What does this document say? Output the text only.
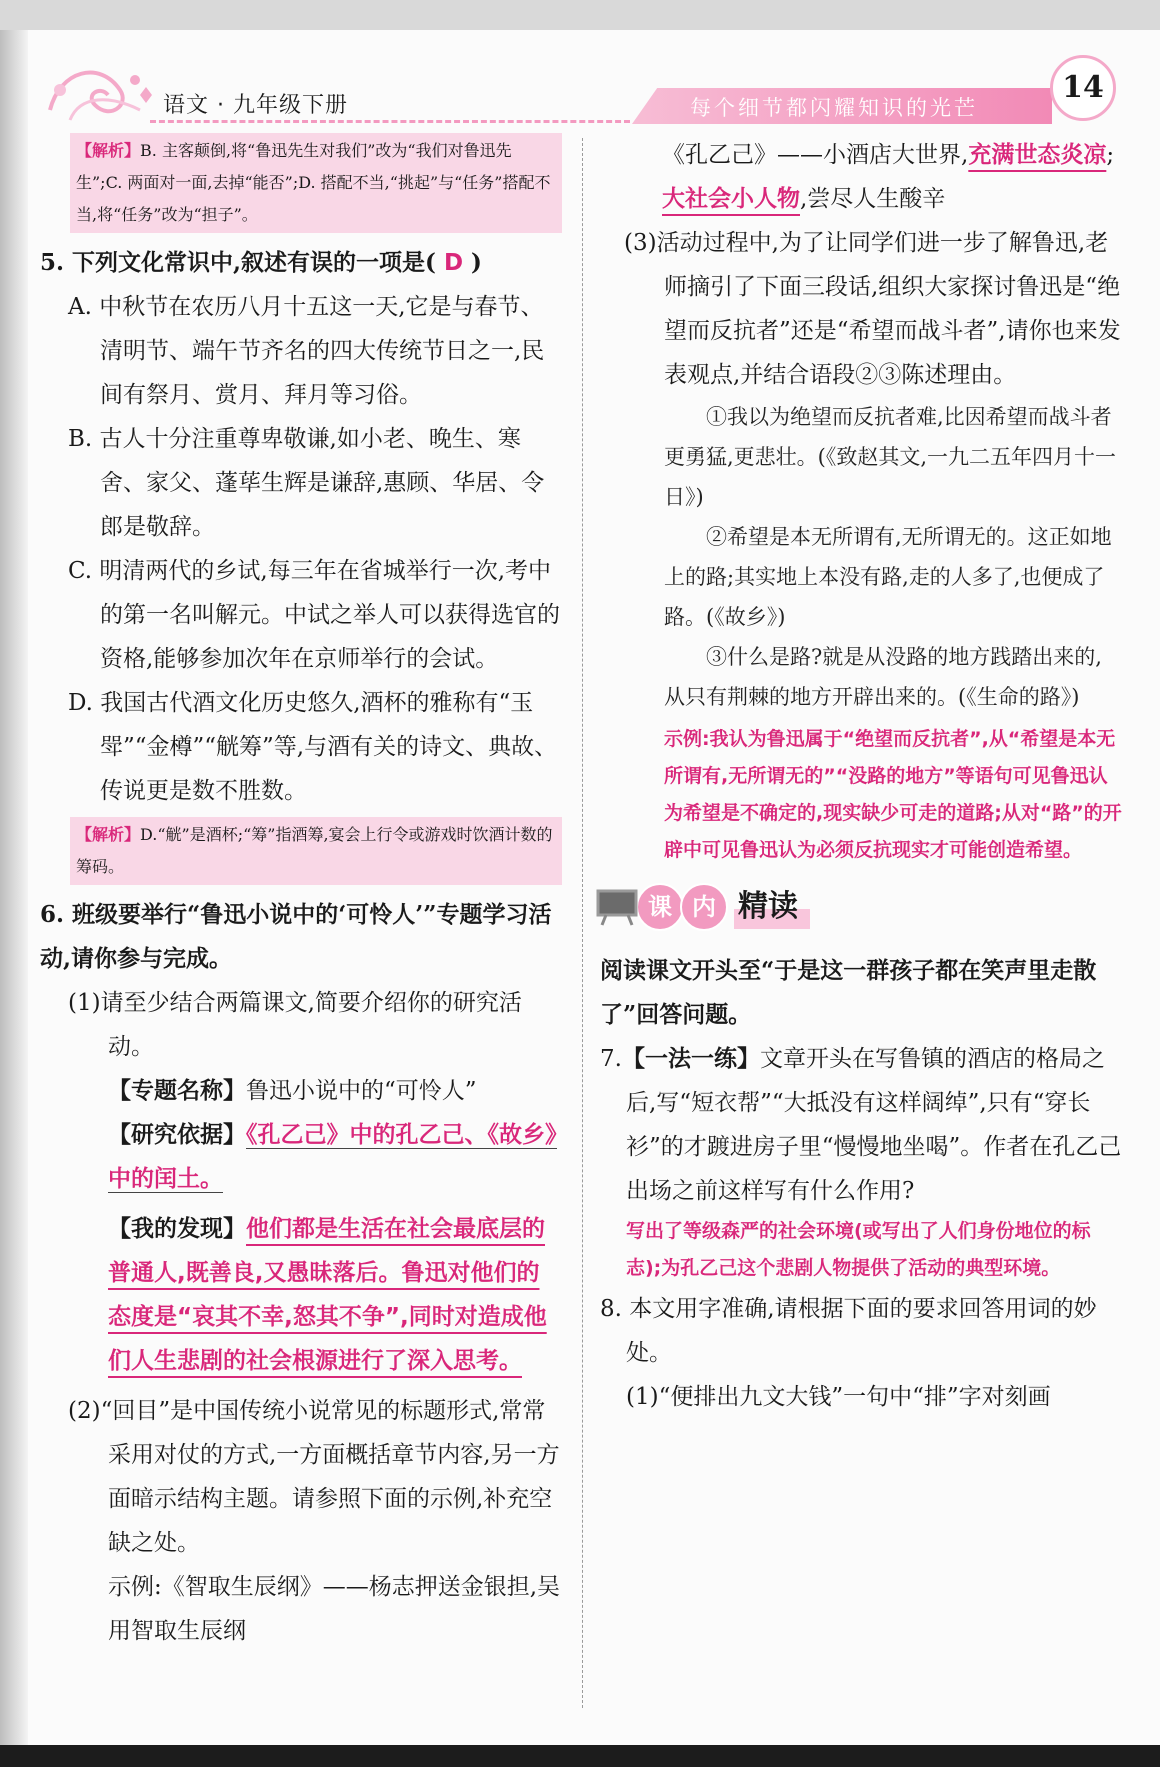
语文 · 九年级下册	每个细节都闪耀知识的光芒
14
【解析】B. 主客颠倒,将“鲁迅先生对我们”改为“我们对鲁迅先生”;C. 两面对一面,去掉“能否”;D. 搭配不当,“挑起”与“任务”搭配不当,将“任务”改为“担子”。
5. 下列文化常识中,叙述有误的一项是( D )
A. 中秋节在农历八月十五这一天,它是与春节、清明节、端午节齐名的四大传统节日之一,民间有祭月、赏月、拜月等习俗。
B. 古人十分注重尊卑敬谦,如小老、晚生、寒舍、家父、蓬荜生辉是谦辞,惠顾、华居、令郎是敬辞。
C. 明清两代的乡试,每三年在省城举行一次,考中的第一名叫解元。中试之举人可以获得选官的资格,能够参加次年在京师举行的会试。
D. 我国古代酒文化历史悠久,酒杯的雅称有“玉斝”“金樽”“觥筹”等,与酒有关的诗文、典故、传说更是数不胜数。
【解析】D.“觥”是酒杯;“筹”指酒筹,宴会上行令或游戏时饮酒计数的筹码。
6. 班级要举行“鲁迅小说中的‘可怜人’”专题学习活动,请你参与完成。
(1)请至少结合两篇课文,简要介绍你的研究活动。
【专题名称】鲁迅小说中的“可怜人”
【研究依据】《孔乙己》中的孔乙己、《故乡》中的闰土。
【我的发现】他们都是生活在社会最底层的普通人,既善良,又愚昧落后。鲁迅对他们的态度是“哀其不幸,怒其不争”,同时对造成他们人生悲剧的社会根源进行了深入思考。
(2)“回目”是中国传统小说常见的标题形式,常常采用对仗的方式,一方面概括章节内容,另一方面暗示结构主题。请参照下面的示例,补充空缺之处。
示例:《智取生辰纲》——杨志押送金银担,吴用智取生辰纲
《孔乙己》——小酒店大世界,充满世态炎凉;大社会小人物,尝尽人生酸辛
(3)活动过程中,为了让同学们进一步了解鲁迅,老师摘引了下面三段话,组织大家探讨鲁迅是“绝望而反抗者”还是“希望而战斗者”,请你也来发表观点,并结合语段②③陈述理由。
①我以为绝望而反抗者难,比因希望而战斗者更勇猛,更悲壮。(《致赵其文,一九二五年四月十一日》)
②希望是本无所谓有,无所谓无的。这正如地上的路;其实地上本没有路,走的人多了,也便成了路。(《故乡》)
③什么是路?就是从没路的地方践踏出来的,从只有荆棘的地方开辟出来的。(《生命的路》)
示例:我认为鲁迅属于“绝望而反抗者”,从“希望是本无所谓有,无所谓无的”“没路的地方”等语句可见鲁迅认为希望是不确定的,现实缺少可走的道路;从对“路”的开辟中可见鲁迅认为必须反抗现实才可能创造希望。
课 内 精读
阅读课文开头至“于是这一群孩子都在笑声里走散了”回答问题。
7.【一法一练】文章开头在写鲁镇的酒店的格局之后,写“短衣帮”“大抵没有这样阔绰”,只有“穿长衫”的才踱进房子里“慢慢地坐喝”。作者在孔乙己出场之前这样写有什么作用?
写出了等级森严的社会环境(或写出了人们身份地位的标志);为孔乙己这个悲剧人物提供了活动的典型环境。
8. 本文用字准确,请根据下面的要求回答用词的妙处。
(1)“便排出九文大钱”一句中“排”字对刻画
